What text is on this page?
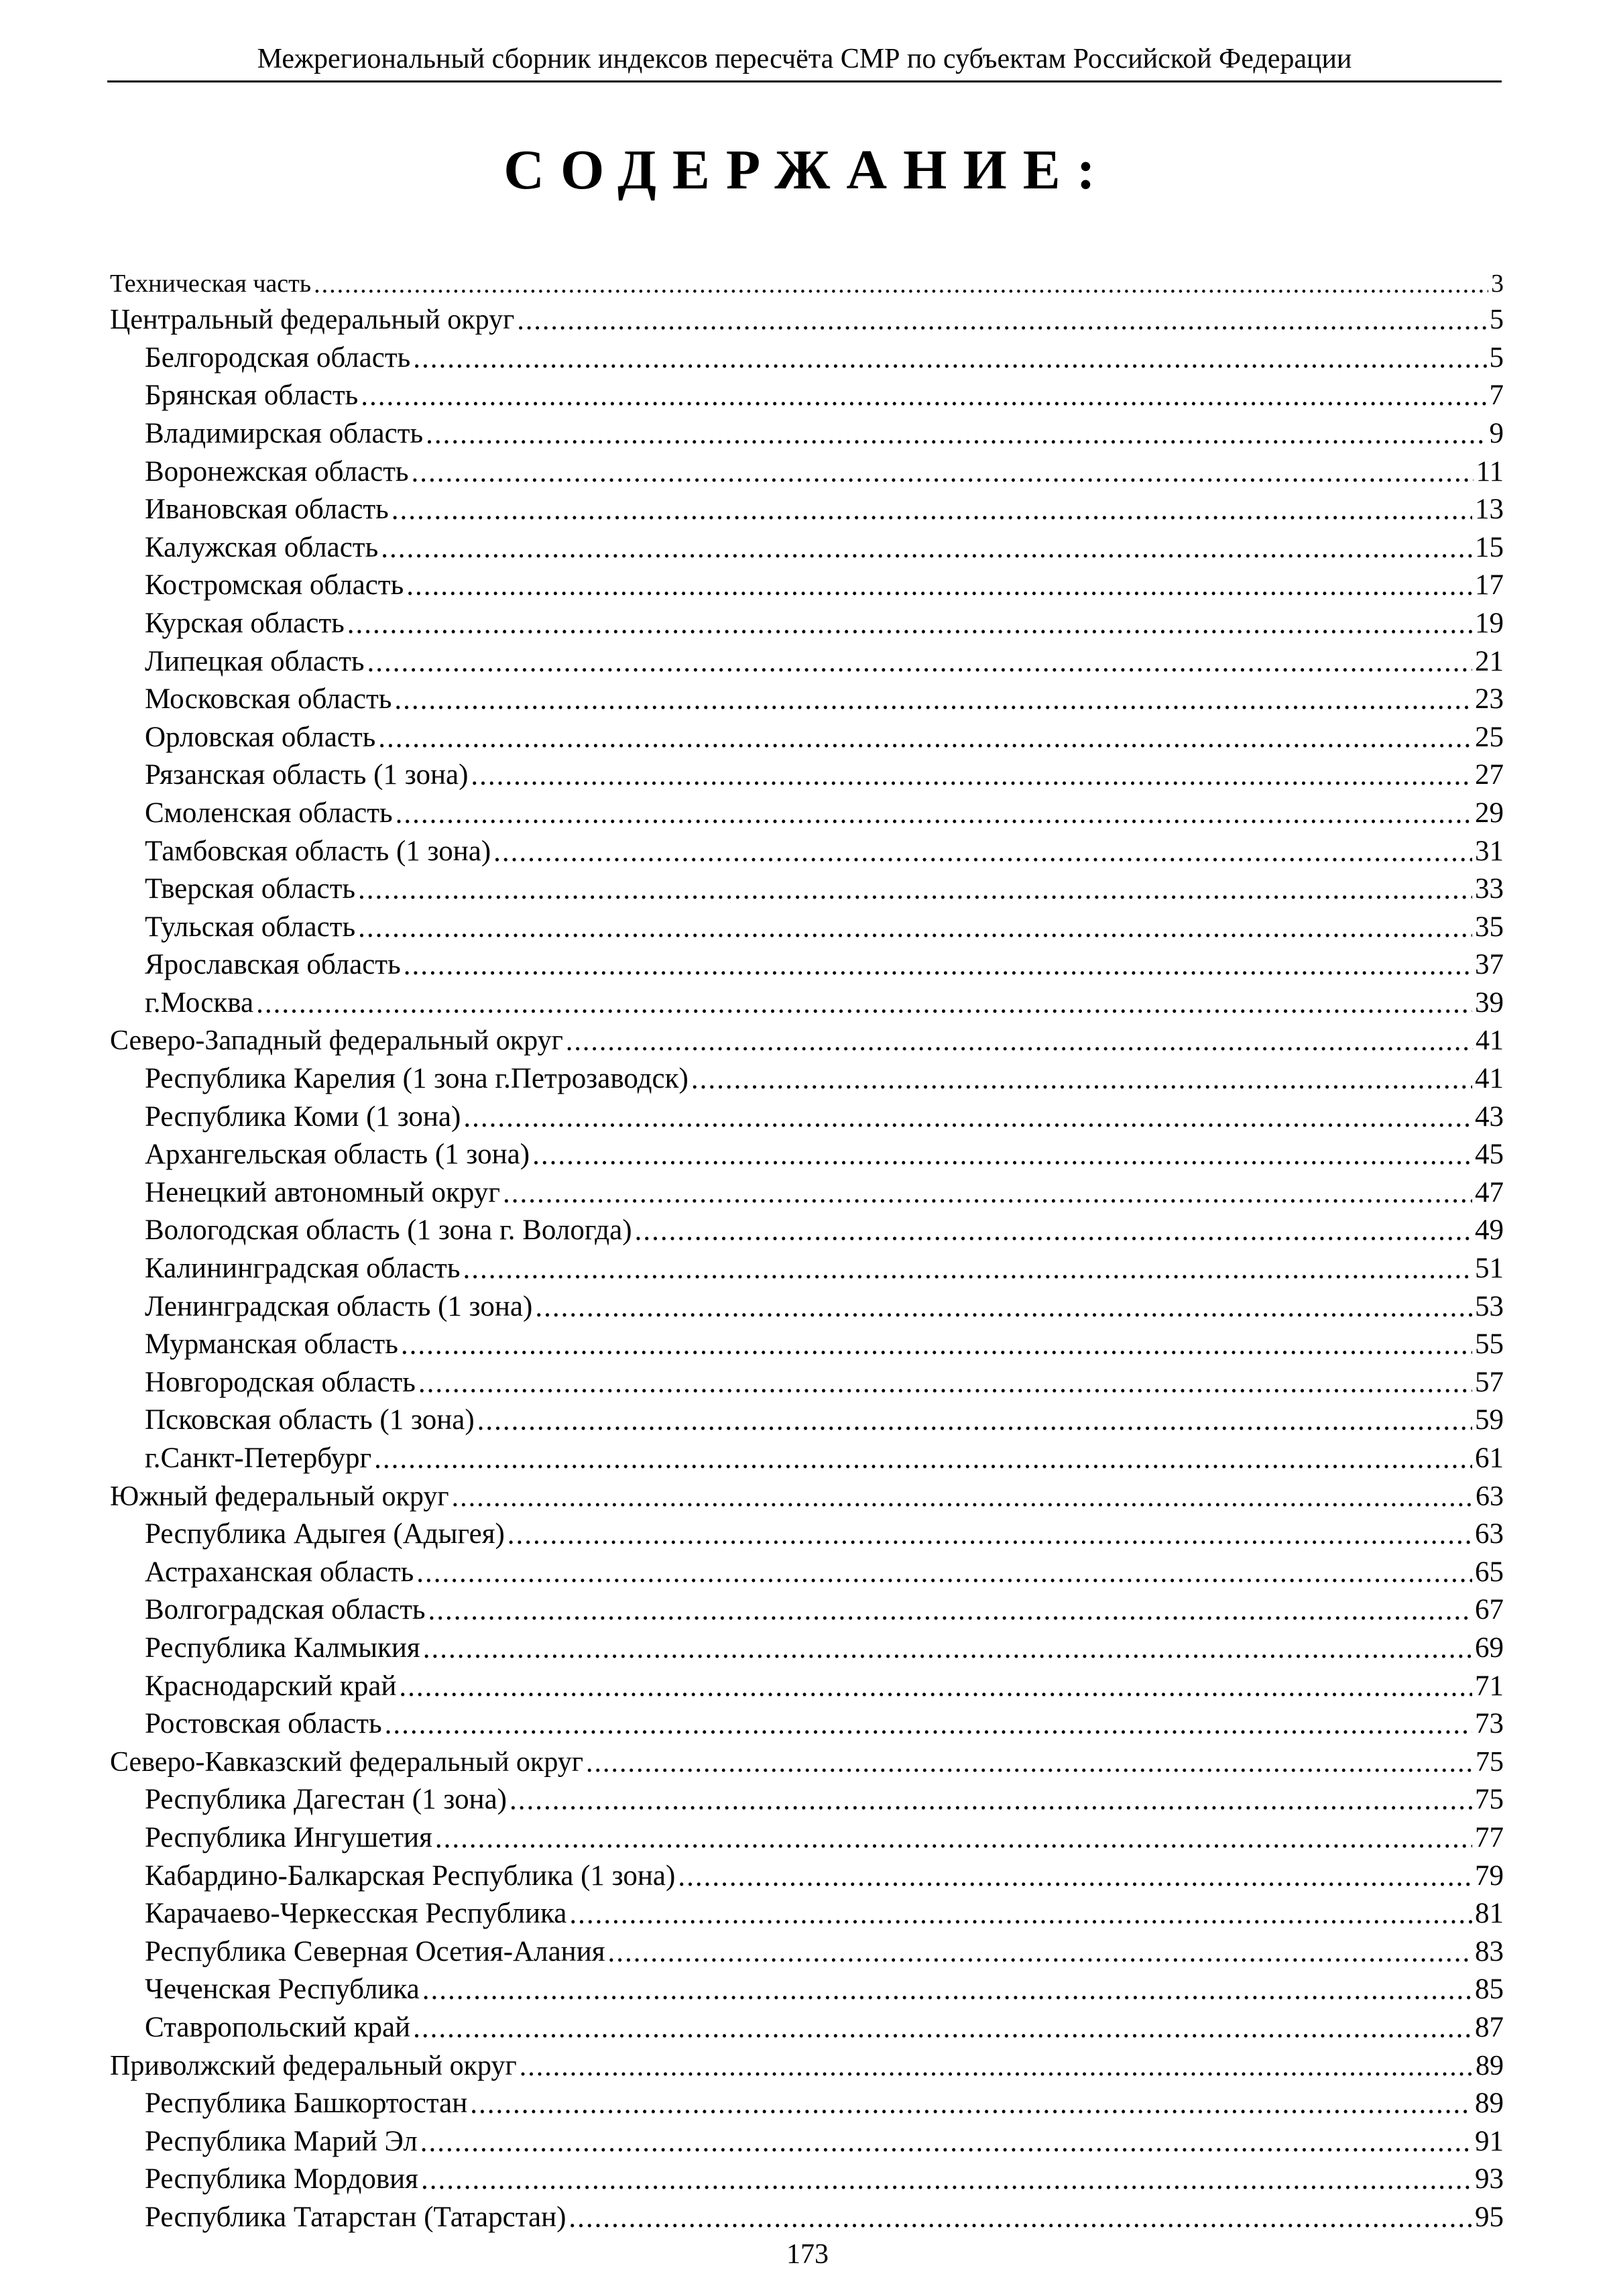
Межрегиональный сборник индексов пересчёта СМР по субъектам Российской Федерации
СОДЕРЖАНИЕ:
Техническая часть .....	3
Центральный федеральный округ .....	5
Белгородская область .....	5
Брянская область .....	7
Владимирская область .....	9
Воронежская область .....	11
Ивановская область .....	13
Калужская область .....	15
Костромская область .....	17
Курская область .....	19
Липецкая область .....	21
Московская область .....	23
Орловская область .....	25
Рязанская область (1 зона) .....	27
Смоленская область .....	29
Тамбовская область (1 зона) .....	31
Тверская область .....	33
Тульская область .....	35
Ярославская область .....	37
г.Москва .....	39
Северо-Западный федеральный округ .....	41
Республика Карелия (1 зона г.Петрозаводск) .....	41
Республика Коми (1 зона) .....	43
Архангельская область (1 зона) .....	45
Ненецкий автономный округ .....	47
Вологодская область (1 зона г. Вологда) .....	49
Калининградская область .....	51
Ленинградская область (1 зона) .....	53
Мурманская область .....	55
Новгородская область .....	57
Псковская область (1 зона) .....	59
г.Санкт-Петербург .....	61
Южный федеральный округ .....	63
Республика Адыгея (Адыгея) .....	63
Астраханская область .....	65
Волгоградская область .....	67
Республика Калмыкия .....	69
Краснодарский край .....	71
Ростовская область .....	73
Северо-Кавказский федеральный округ .....	75
Республика Дагестан (1 зона) .....	75
Республика Ингушетия .....	77
Кабардино-Балкарская Республика (1 зона) .....	79
Карачаево-Черкесская Республика .....	81
Республика Северная Осетия-Алания .....	83
Чеченская Республика .....	85
Ставропольский край .....	87
Приволжский федеральный округ .....	89
Республика Башкортостан .....	89
Республика Марий Эл .....	91
Республика Мордовия .....	93
Республика Татарстан (Татарстан) .....	95
173
